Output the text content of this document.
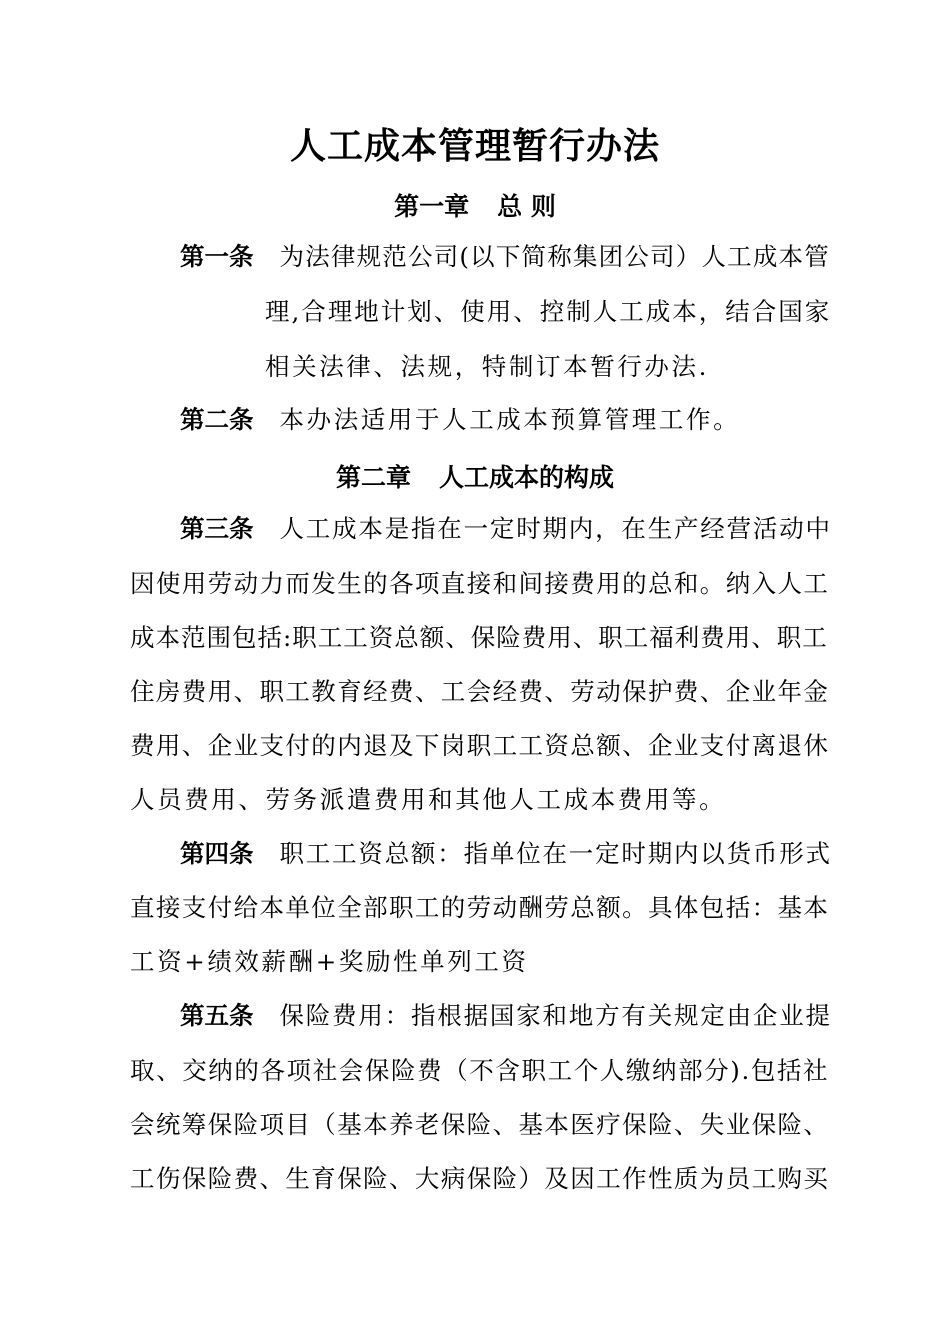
人工成本管理暂行办法
第一章 总 则
第一条 为法律规范公司(以下简称集团公司）人工成本管
理,合理地计划、使用、控制人工成本，结合国家
相关法律、法规，特制订本暂行办法.
第二条 本办法适用于人工成本预算管理工作。
第二章 人工成本的构成
第三条 人工成本是指在一定时期内，在生产经营活动中
因使用劳动力而发生的各项直接和间接费用的总和。纳入人工
成本范围包括:职工工资总额、保险费用、职工福利费用、职工
住房费用、职工教育经费、工会经费、劳动保护费、企业年金
费用、企业支付的内退及下岗职工工资总额、企业支付离退休
人员费用、劳务派遣费用和其他人工成本费用等。
第四条 职工工资总额：指单位在一定时期内以货币形式
直接支付给本单位全部职工的劳动酬劳总额。具体包括：基本
工资+绩效薪酬+奖励性单列工资
第五条 保险费用：指根据国家和地方有关规定由企业提
取、交纳的各项社会保险费（不含职工个人缴纳部分).包括社
会统筹保险项目（基本养老保险、基本医疗保险、失业保险、
工伤保险费、生育保险、大病保险）及因工作性质为员工购买
